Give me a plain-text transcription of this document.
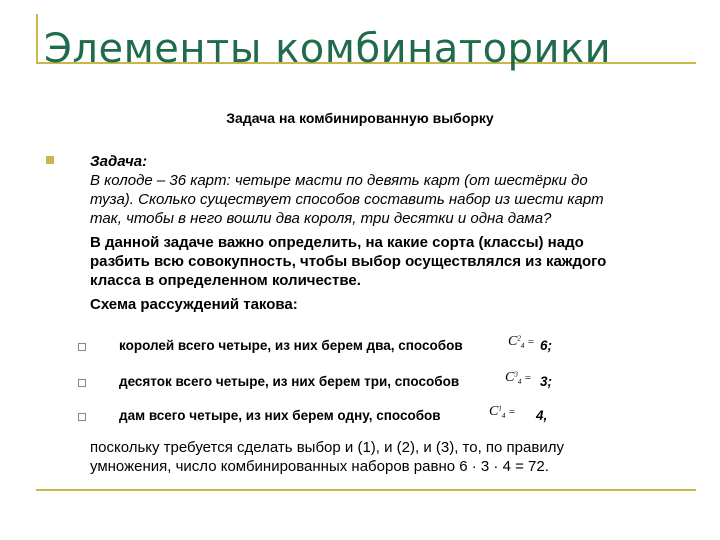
Элементы комбинаторики
Задача на комбинированную выборку
Задача:
В колоде – 36 карт: четыре масти по девять карт (от шестёрки до
туза). Сколько существует способов составить набор из шести карт
так, чтобы в него вошли два короля, три десятки и одна дама?
В данной задаче важно определить, на какие сорта (классы) надо
разбить всю совокупность, чтобы выбор осуществлялся из каждого
класса в определенном количестве.
Схема рассуждений такова:
королей всего четыре, из них берем два, способов	$C^2_4 = 6$;
десяток всего четыре, из них берем три, способов	$C^3_4 = 3$;
дам всего четыре, из них берем одну, способов	$C^1_4 = 4$,
поскольку требуется сделать выбор и (1), и (2), и (3), то, по правилу
умножения, число комбинированных наборов равно 6 · 3 · 4 = 72.
